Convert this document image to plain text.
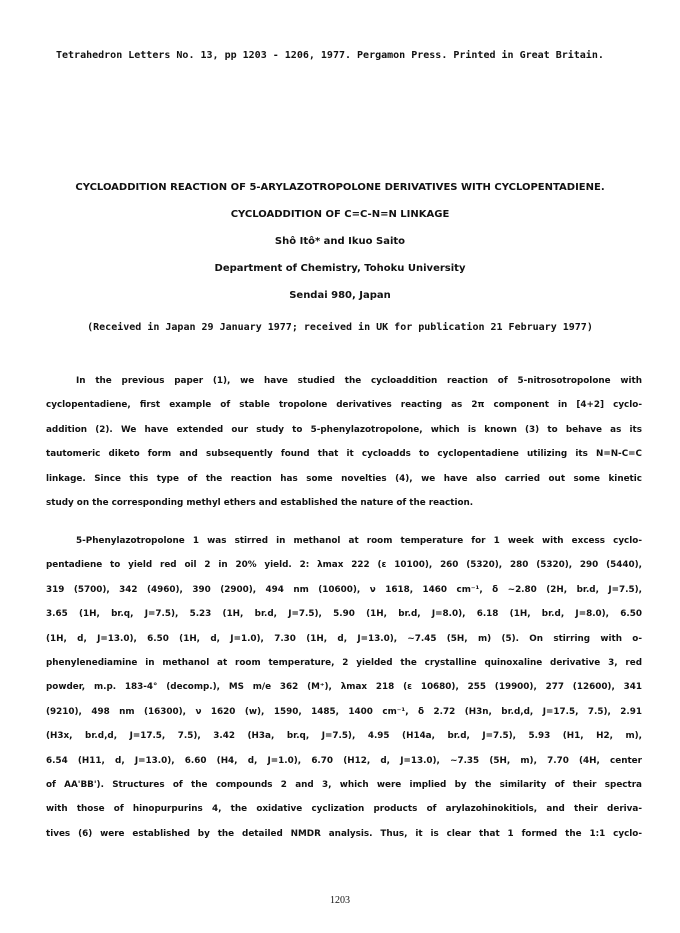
Tetrahedron Letters No. 13, pp 1203 - 1206, 1977. Pergamon Press. Printed in Great Britain.
CYCLOADDITION REACTION OF 5-ARYLAZOTROPOLONE DERIVATIVES WITH CYCLOPENTADIENE.
CYCLOADDITION OF C=C-N=N LINKAGE
Shô Itô* and Ikuo Saito
Department of Chemistry, Tohoku University
Sendai 980, Japan
(Received in Japan 29 January 1977; received in UK for publication 21 February 1977)
In the previous paper (1), we have studied the cycloaddition reaction of 5-nitrosotropolone with
cyclopentadiene, first example of stable tropolone derivatives reacting as 2π component in [4+2] cyclo-
addition (2). We have extended our study to 5-phenylazotropolone, which is known (3) to behave as its
tautomeric diketo form and subsequently found that it cycloadds to cyclopentadiene utilizing its N=N-C=C
linkage. Since this type of the reaction has some novelties (4), we have also carried out some kinetic
study on the corresponding methyl ethers and established the nature of the reaction.
5-Phenylazotropolone 1 was stirred in methanol at room temperature for 1 week with excess cyclo-
pentadiene to yield red oil 2 in 20% yield. 2: λmax 222 (ε 10100), 260 (5320), 280 (5320), 290 (5440),
319 (5700), 342 (4960), 390 (2900), 494 nm (10600), ν 1618, 1460 cm⁻¹, δ ~2.80 (2H, br.d, J=7.5),
3.65 (1H, br.q, J=7.5), 5.23 (1H, br.d, J=7.5), 5.90 (1H, br.d, J=8.0), 6.18 (1H, br.d, J=8.0), 6.50
(1H, d, J=13.0), 6.50 (1H, d, J=1.0), 7.30 (1H, d, J=13.0), ~7.45 (5H, m) (5). On stirring with o-
phenylenediamine in methanol at room temperature, 2 yielded the crystalline quinoxaline derivative 3, red
powder, m.p. 183-4° (decomp.), MS m/e 362 (M⁺), λmax 218 (ε 10680), 255 (19900), 277 (12600), 341
(9210), 498 nm (16300), ν 1620 (w), 1590, 1485, 1400 cm⁻¹, δ 2.72 (H3n, br.d,d, J=17.5, 7.5), 2.91
(H3x, br.d,d, J=17.5, 7.5), 3.42 (H3a, br.q, J=7.5), 4.95 (H14a, br.d, J=7.5), 5.93 (H1, H2, m),
6.54 (H11, d, J=13.0), 6.60 (H4, d, J=1.0), 6.70 (H12, d, J=13.0), ~7.35 (5H, m), 7.70 (4H, center
of AA'BB'). Structures of the compounds 2 and 3, which were implied by the similarity of their spectra
with those of hinopurpurins 4, the oxidative cyclization products of arylazohinokitiols, and their deriva-
tives (6) were established by the detailed NMDR analysis. Thus, it is clear that 1 formed the 1:1 cyclo-
1203
